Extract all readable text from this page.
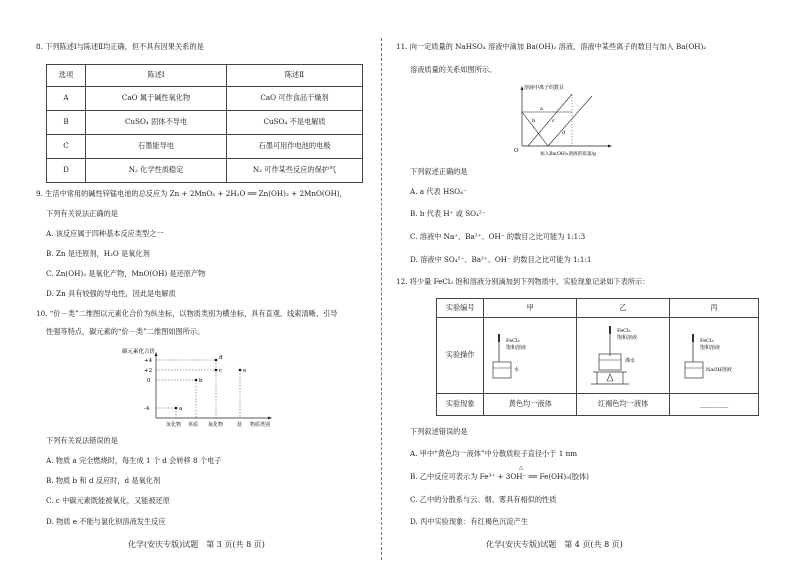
8. 下列陈述Ⅰ与陈述Ⅱ均正确，但不具有因果关系的是
选项	陈述Ⅰ	陈述Ⅱ
A	CaO 属于碱性氧化物	CaO 可作食品干燥剂
B	CuSO₄ 固体不导电	CuSO₄ 不是电解质
C	石墨能导电	石墨可用作电池的电极
D	N₂ 化学性质稳定	N₂ 可作某些反应的保护气
9. 生活中常用的碱性锌锰电池的总反应为 Zn + 2MnO₂ + 2H₂O ══ Zn(OH)₂ + 2MnO(OH)，
下列有关说法正确的是
A. 该反应属于四种基本反应类型之一
B. Zn 是还原剂，H₂O 是氧化剂
C. Zn(OH)₂ 是氧化产物，MnO(OH) 是还原产物
D. Zn 具有较强的导电性，因此是电解质
10. “价－类”二维图以元素化合价为纵坐标，以物质类别为横坐标，具有直观、线索清晰、引导
性强等特点，碳元素的“价－类”二维图如图所示。
碳元素化合价
+4
+2
0
-4	a
b
c
d
e
氢化物 单质 氧化物	盐 物质类别
下列有关说法错误的是
A. 物质 a 完全燃烧时，每生成 1 个 d 会转移 8 个电子
B. 物质 b 和 d 反应时，d 是氧化剂
C. c 中碳元素既能被氧化，又能被还原
D. 物质 e 不能与氯化钡溶液发生反应
化学(安庆专版)试题　第 3 页(共 8 页)
11. 向一定质量的 NaHSO₄ 溶液中滴加 Ba(OH)₂ 溶液，溶液中某些离子的数目与加入 Ba(OH)₂
溶液质量的关系如图所示。
溶液中离子的数目
O
a
b	c
d
加入Ba(OH)₂溶液的质量/g
下列叙述正确的是
A. a 代表 HSO₄⁻
B. b 代表 H⁺ 或 SO₄²⁻
C. 溶液中 Na⁺、Ba²⁺、OH⁻ 的数目之比可能为 1:1:3
D. 溶液中 SO₄²⁻、Ba²⁺、OH⁻ 的数目之比可能为 1:1:1
12. 将少量 FeCl₃ 饱和溶液分别滴加到下列物质中，实验现象记录如下表所示：
实验编号	甲	乙	丙
实验操作	FeCl₃
饱和溶液
水	FeCl₃
饱和溶液
沸水	FeCl₃
饱和溶液
NaOH溶液

实验现象	黄色均一液体	红褐色均一液体	________
下列叙述错误的是
A. 甲中“黄色均一液体”中分散质粒子直径小于 1 nm
B. 乙中反应可表示为 Fe³⁺ + 3OH⁻ ══ Fe(OH)₃(胶体)
△
C. 乙中的分散系与云、烟、雾具有相似的性质
D. 丙中实验现象：有红褐色沉淀产生
化学(安庆专版)试题　第 4 页(共 8 页)
